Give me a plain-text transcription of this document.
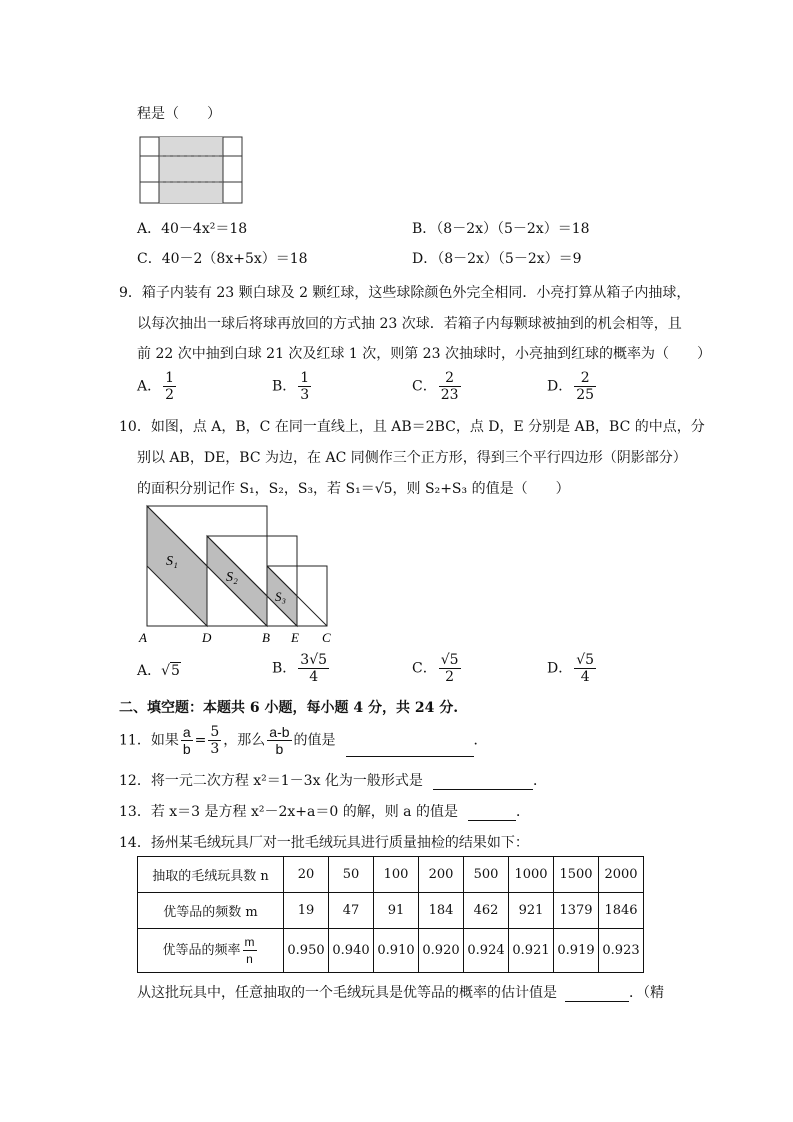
程是（　　）
A．40－4x²＝18	B．（8－2x）（5－2x）＝18
C．40－2（8x+5x）＝18	D．（8－2x）（5－2x）＝9
9．箱子内装有 23 颗白球及 2 颗红球，这些球除颜色外完全相同．小亮打算从箱子内抽球，
以每次抽出一球后将球再放回的方式抽 23 次球．若箱子内每颗球被抽到的机会相等，且
前 22 次中抽到白球 21 次及红球 1 次，则第 23 次抽球时，小亮抽到红球的概率为（　　）
A． $\frac{1}{2}$	B． $\frac{1}{3}$	C． $\frac{2}{23}$	D． $\frac{2}{25}$
10．如图，点 A，B，C 在同一直线上，且 AB＝2BC，点 D，E 分别是 AB，BC 的中点，分
别以 AB，DE，BC 为边，在 AC 同侧作三个正方形，得到三个平行四边形（阴影部分）
的面积分别记作 S₁，S₂，S₃，若 S₁＝√5，则 S₂+S₃ 的值是（　　）
S₁
S₂
S₃
A	D	B E C
A．√5	B． $\frac{3√5}{4}$	C． $\frac{√5}{2}$	D． $\frac{√5}{4}$
二、填空题：本题共 6 小题，每小题 4 分，共 24 分.
11．如果 $\frac{a}{b} = \frac{5}{3}$ ，那么 $\frac{a-b}{b}$ 的值是	．
12．将一元二次方程 x²＝1－3x 化为一般形式是	．
13．若 x＝3 是方程 x²－2x+a＝0 的解，则 a 的值是	．
14．扬州某毛绒玩具厂对一批毛绒玩具进行质量抽检的结果如下：
抽取的毛绒玩具数 n	20	50	100	200	500	1000	1500	2000
优等品的频数 m	19	47	91	184	462	921	1379	1846
优等品的频率 $\frac{m}{n}$	0.950	0.940	0.910	0.920	0.924	0.921	0.919	0.923
从这批玩具中，任意抽取的一个毛绒玩具是优等品的概率的估计值是	．（精
